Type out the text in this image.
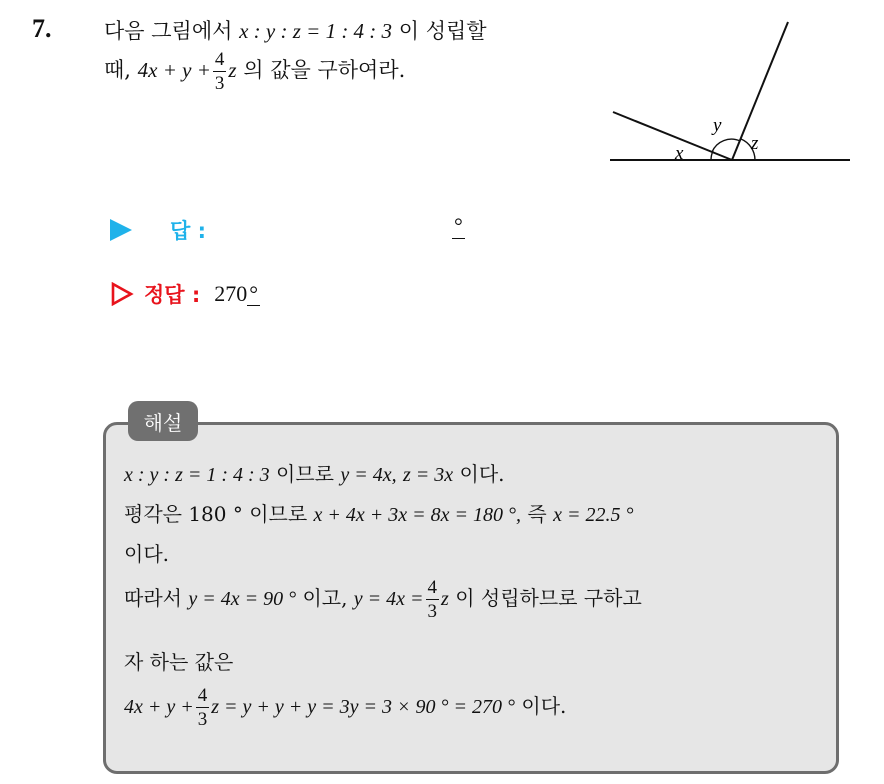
7.	다음 그림에서 x : y : z = 1 : 4 : 3 이 성립할
때, $4x + y + \frac{4}{3}$ z 의 값을 구하여라.
x
y
z
답 :	°
정답 : 270 °
해설
x : y : z = 1 : 4 : 3 이므로 y = 4x, z = 3x 이다.
평각은 180 ° 이므로 x + 4x + 3x = 8x = 180 °, 즉 x = 22.5 °
이다.
따라서 y = 4x = 90 ° 이고, $y = 4x = \frac{4}{3}$ z 이 성립하므로 구하고
자 하는 값은
$4x + y + \frac{4}{3}$ z = y + y + y = 3y = 3 × 90 ° = 270 ° 이다.
